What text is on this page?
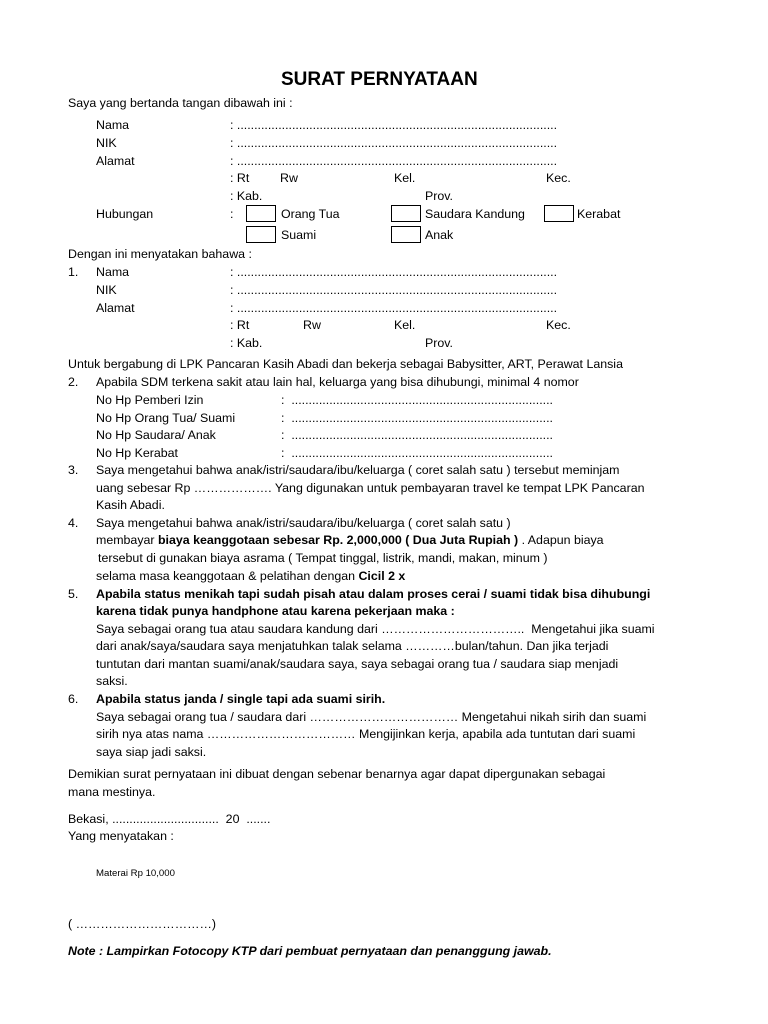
SURAT PERNYATAAN
Saya yang bertanda tangan dibawah ini :
Nama	: .............................................................................................
NIK	: .............................................................................................
Alamat	: .............................................................................................
: Rt Rw	Kel.	Kec.
: Kab.	Prov.
Hubungan	:	Orang Tua	Saudara Kandung	Kerabat
Suami	Anak
Dengan ini menyatakan bahawa :
1. Nama	: .............................................................................................
NIK	: .............................................................................................
Alamat	: .............................................................................................
: Rt	Rw	Kel.	Kec.
: Kab.	Prov.
Untuk bergabung di LPK Pancaran Kasih Abadi dan bekerja sebagai Babysitter, ART, Perawat Lansia
2. Apabila SDM terkena sakit atau lain hal, keluarga yang bisa dihubungi, minimal 4 nomor
No Hp Pemberi Izin	:  ............................................................................
No Hp Orang Tua/ Suami	:  ............................................................................
No Hp Saudara/ Anak	:  ............................................................................
No Hp Kerabat	:  ............................................................................
3. Saya mengetahui bahwa anak/istri/saudara/ibu/keluarga ( coret salah satu ) tersebut meminjam
uang sebesar Rp ………………. Yang digunakan untuk pembayaran travel ke tempat LPK Pancaran
Kasih Abadi.
4. Saya mengetahui bahwa anak/istri/saudara/ibu/keluarga ( coret salah satu )
membayar biaya keanggotaan sebesar Rp. 2,000,000 ( Dua Juta Rupiah ) . Adapun biaya
tersebut di gunakan biaya asrama ( Tempat tinggal, listrik, mandi, makan, minum )
selama masa keanggotaan & pelatihan dengan Cicil 2 x
5. Apabila status menikah tapi sudah pisah atau dalam proses cerai / suami tidak bisa dihubungi
karena tidak punya handphone atau karena pekerjaan maka :
Saya sebagai orang tua atau saudara kandung dari ……………………………..  Mengetahui jika suami
dari anak/saya/saudara saya menjatuhkan talak selama …………bulan/tahun. Dan jika terjadi
tuntutan dari mantan suami/anak/saudara saya, saya sebagai orang tua / saudara siap menjadi
saksi.
6. Apabila status janda / single tapi ada suami sirih.
Saya sebagai orang tua / saudara dari ……………………………… Mengetahui nikah sirih dan suami
sirih nya atas nama ……………………………… Mengijinkan kerja, apabila ada tuntutan dari suami
saya siap jadi saksi.
Demikian surat pernyataan ini dibuat dengan sebenar benarnya agar dapat dipergunakan sebagai
mana mestinya.
Bekasi, ...............................  20  .......
Yang menyatakan :
Materai Rp 10,000
( ……………………………)
Note : Lampirkan Fotocopy KTP dari pembuat pernyataan dan penanggung jawab.
